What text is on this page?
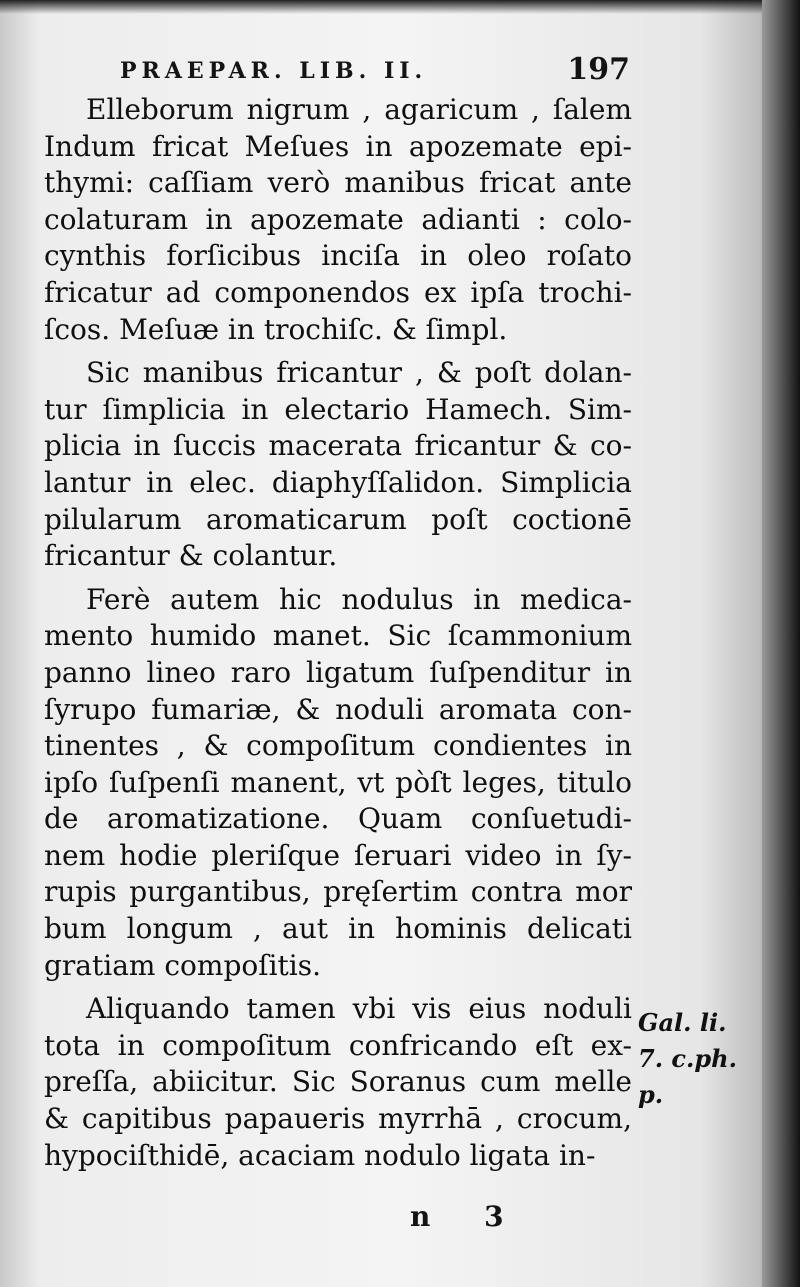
PRAEPAR. LIB. II.	197
Elleborum nigrum , agaricum , ſalem
Indum fricat Meſues in apozemate epi-
thymi: caſſiam verò manibus fricat ante
colaturam in apozemate adianti : colo-
cynthis forſicibus inciſa in oleo roſato
fricatur ad componendos ex ipſa trochi-
ſcos. Meſuæ in trochiſc. & ſimpl.
Sic manibus fricantur , & poſt dolan-
tur ſimplicia in electario Hamech. Sim-
plicia in ſuccis macerata fricantur & co-
lantur in elec. diaphyſſalidon. Simplicia
pilularum aromaticarum poſt coctionē
fricantur & colantur.
Ferè autem hic nodulus in medica-
mento humido manet. Sic ſcammonium
panno lineo raro ligatum ſuſpenditur in
ſyrupo fumariæ, & noduli aromata con-
tinentes , & compoſitum condientes in
ipſo ſuſpenſi manent, vt pòſt leges, titulo
de aromatizatione. Quam conſuetudi-
nem hodie pleriſque ſeruari video in ſy-
rupis purgantibus, pręſertim contra mor
bum longum , aut in hominis delicati
gratiam compoſitis.
Aliquando tamen vbi vis eius noduli
tota in compoſitum confricando eſt ex-
preſſa, abiicitur. Sic Soranus cum melle
& capitibus papaueris myrrhā , crocum,
hypociſthidē, acaciam nodulo ligata in-
Gal. li.
7. c.ph.
p.
n 3
